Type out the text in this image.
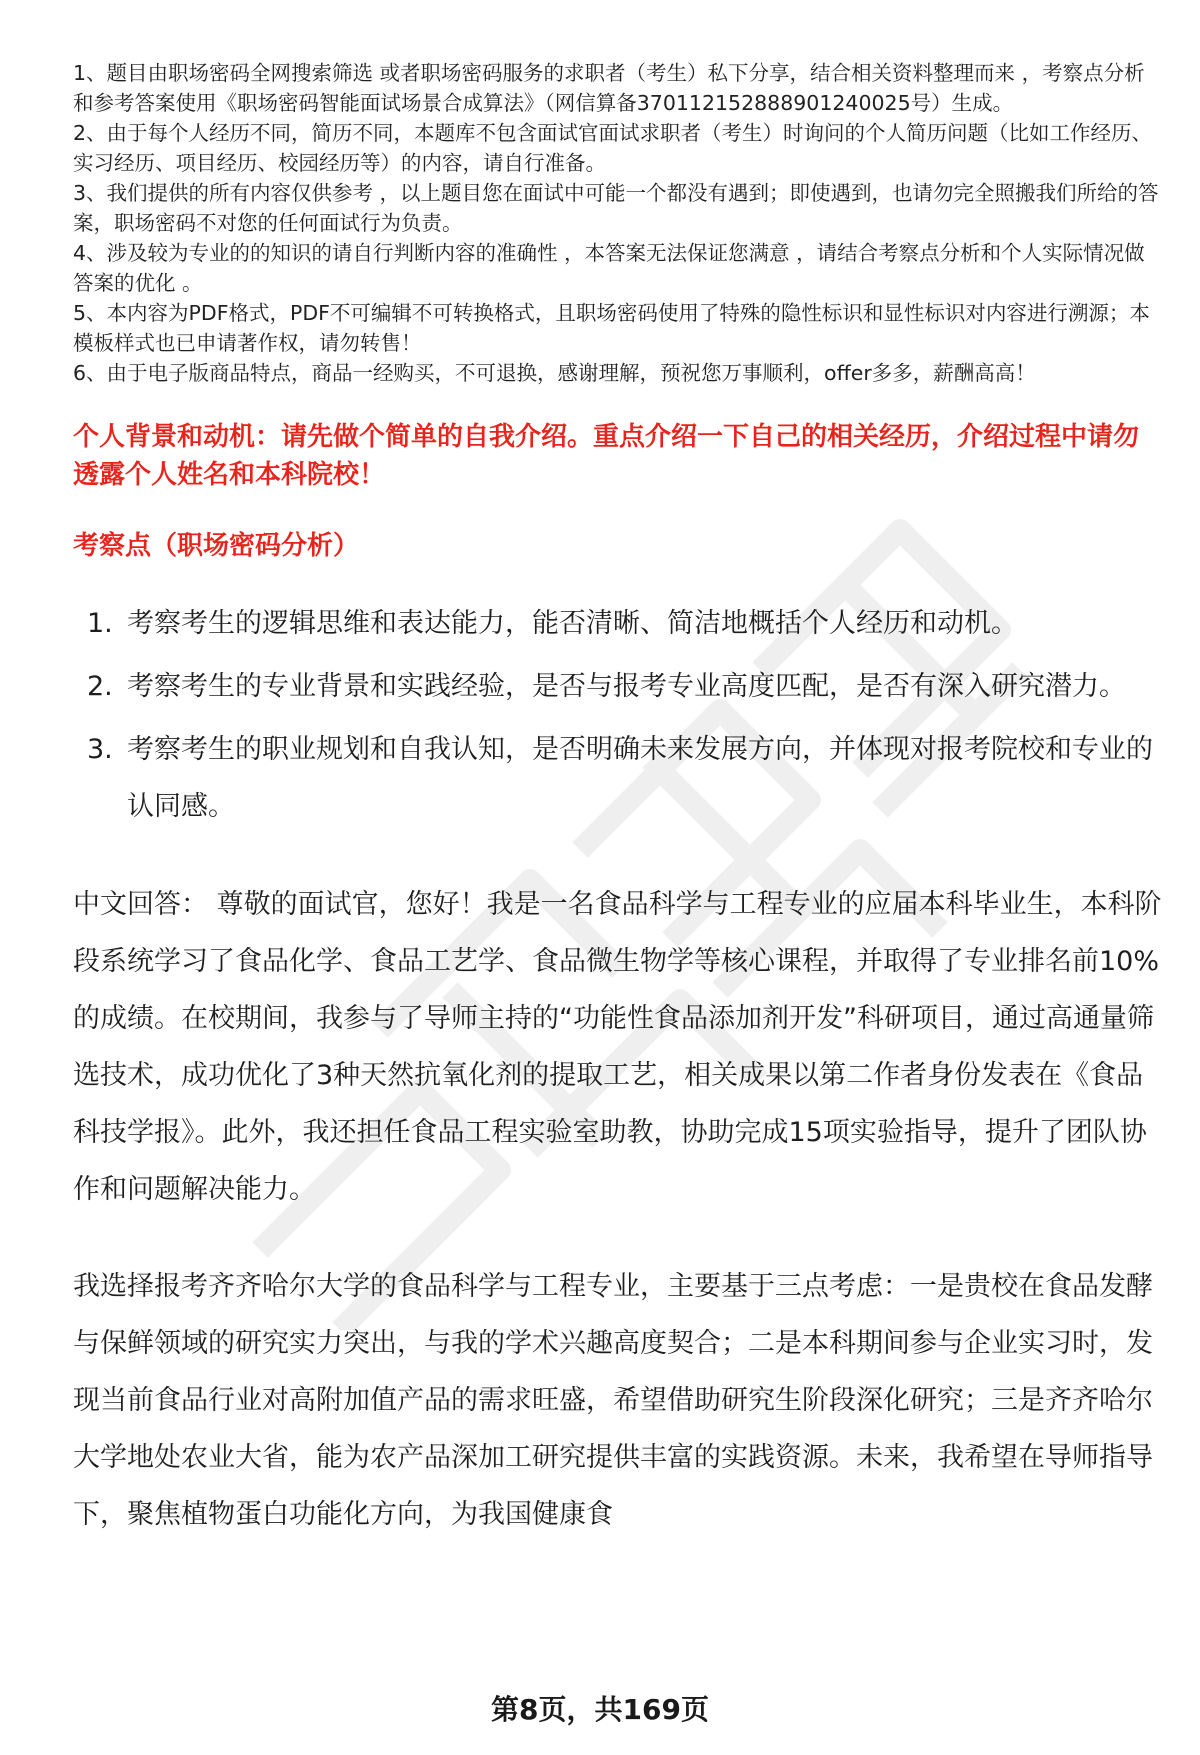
1、题目由职场密码全网搜索筛选 或者职场密码服务的求职者（考生）私下分享，结合相关资料整理而来 ，考察点分析和参考答案使用《职场密码智能面试场景合成算法》（网信算备370112152888901240025号）生成。

2、由于每个人经历不同，简历不同，本题库不包含面试官面试求职者（考生）时询问的个人简历问题（比如工作经历、实习经历、项目经历、校园经历等）的内容，请自行准备。

3、我们提供的所有内容仅供参考 ，以上题目您在面试中可能一个都没有遇到；即使遇到，也请勿完全照搬我们所给的答案，职场密码不对您的任何面试行为负责。

4、涉及较为专业的的知识的请自行判断内容的准确性 ，本答案无法保证您满意 ，请结合考察点分析和个人实际情况做答案的优化 。

5、本内容为PDF格式，PDF不可编辑不可转换格式，且职场密码使用了特殊的隐性标识和显性标识对内容进行溯源；本模板样式也已申请著作权，请勿转售！

6、由于电子版商品特点，商品一经购买，不可退换，感谢理解，预祝您万事顺利，offer多多，薪酬高高！

个人背景和动机：请先做个简单的自我介绍。重点介绍一下自己的相关经历，介绍过程中请勿透露个人姓名和本科院校！
考察点（职场密码分析）
1. 考察考生的逻辑思维和表达能力，能否清晰、简洁地概括个人经历和动机。
2. 考察考生的专业背景和实践经验，是否与报考专业高度匹配，是否有深入研究潜力。
3. 考察考生的职业规划和自我认知，是否明确未来发展方向，并体现对报考院校和专业的认同感。

中文回答： 尊敬的面试官，您好！我是一名食品科学与工程专业的应届本科毕业生，本科阶段系统学习了食品化学、食品工艺学、食品微生物学等核心课程，并取得了专业排名前10%的成绩。在校期间，我参与了导师主持的“功能性食品添加剂开发”科研项目，通过高通量筛选技术，成功优化了3种天然抗氧化剂的提取工艺，相关成果以第二作者身份发表在《食品科技学报》。此外，我还担任食品工程实验室助教，协助完成15项实验指导，提升了团队协作和问题解决能力。

我选择报考齐齐哈尔大学的食品科学与工程专业，主要基于三点考虑：一是贵校在食品发酵与保鲜领域的研究实力突出，与我的学术兴趣高度契合；二是本科期间参与企业实习时，发现当前食品行业对高附加值产品的需求旺盛，希望借助研究生阶段深化研究；三是齐齐哈尔大学地处农业大省，能为农产品深加工研究提供丰富的实践资源。未来，我希望在导师指导下，聚焦植物蛋白功能化方向，为我国健康食

第8页，共169页
